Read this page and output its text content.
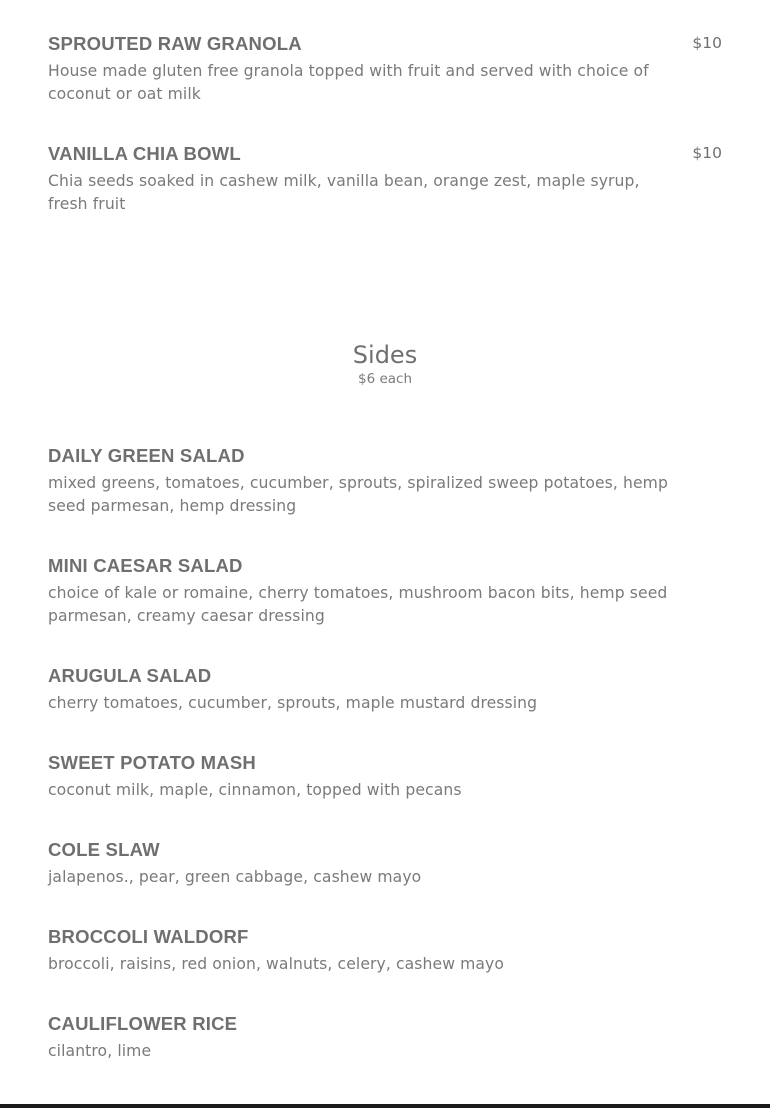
SPROUTED RAW GRANOLA
House made gluten free granola topped with fruit and served with choice of coconut or oat milk
$10
VANILLA CHIA BOWL
Chia seeds soaked in cashew milk, vanilla bean, orange zest, maple syrup, fresh fruit
$10
Sides
$6 each
DAILY GREEN SALAD
mixed greens, tomatoes, cucumber, sprouts, spiralized sweep potatoes, hemp seed parmesan, hemp dressing
MINI CAESAR SALAD
choice of kale or romaine, cherry tomatoes, mushroom bacon bits, hemp seed parmesan, creamy caesar dressing
ARUGULA SALAD
cherry tomatoes, cucumber, sprouts, maple mustard dressing
SWEET POTATO MASH
coconut milk, maple, cinnamon, topped with pecans
COLE SLAW
jalapenos., pear, green cabbage, cashew mayo
BROCCOLI WALDORF
broccoli, raisins, red onion, walnuts, celery, cashew mayo
CAULIFLOWER RICE
cilantro, lime
